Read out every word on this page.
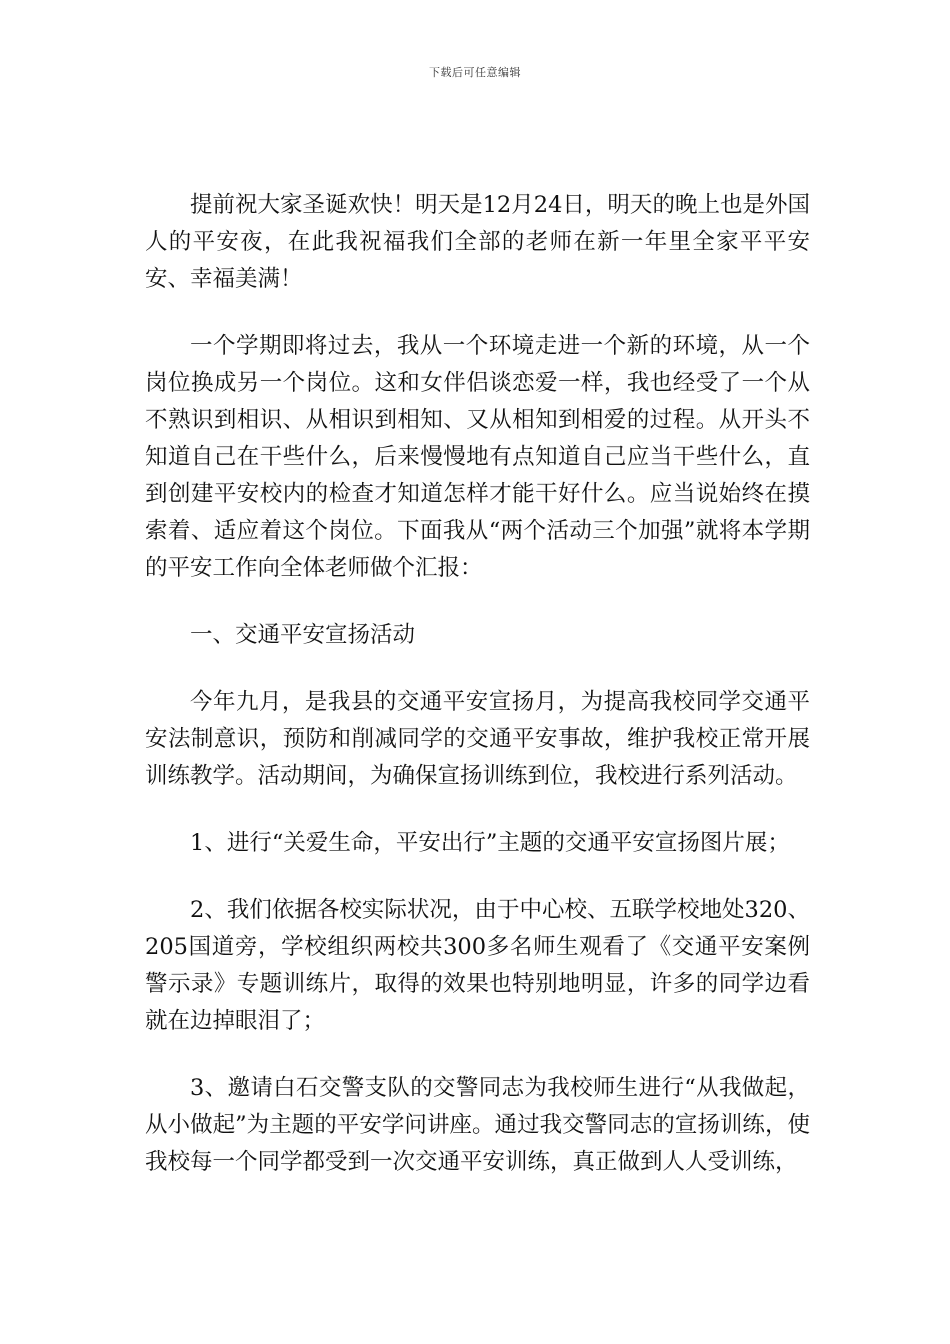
下载后可任意编辑

提前祝大家圣诞欢快！明天是12月24日，明天的晚上也是外国人的平安夜，在此我祝福我们全部的老师在新一年里全家平平安安、幸福美满！

一个学期即将过去，我从一个环境走进一个新的环境，从一个岗位换成另一个岗位。这和女伴侣谈恋爱一样，我也经受了一个从不熟识到相识、从相识到相知、又从相知到相爱的过程。从开头不知道自己在干些什么，后来慢慢地有点知道自己应当干些什么，直到创建平安校内的检查才知道怎样才能干好什么。应当说始终在摸索着、适应着这个岗位。下面我从“两个活动三个加强”就将本学期的平安工作向全体老师做个汇报：

一、交通平安宣扬活动

今年九月，是我县的交通平安宣扬月，为提高我校同学交通平安法制意识，预防和削减同学的交通平安事故，维护我校正常开展训练教学。活动期间，为确保宣扬训练到位，我校进行系列活动。

1、进行“关爱生命，平安出行”主题的交通平安宣扬图片展；

2、我们依据各校实际状况，由于中心校、五联学校地处320、205国道旁，学校组织两校共300多名师生观看了《交通平安案例警示录》专题训练片，取得的效果也特别地明显，许多的同学边看就在边掉眼泪了；

3、邀请白石交警支队的交警同志为我校师生进行“从我做起，从小做起”为主题的平安学问讲座。通过我交警同志的宣扬训练，使我校每一个同学都受到一次交通平安训练，真正做到人人受训练，
